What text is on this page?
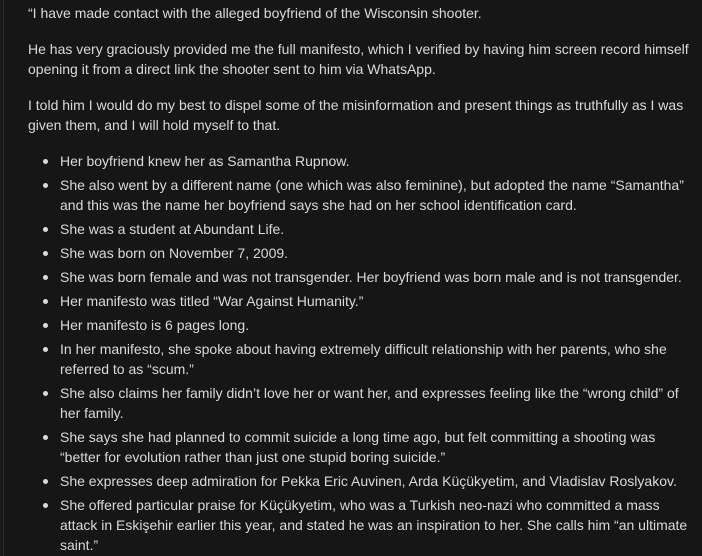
“I have made contact with the alleged boyfriend of the Wisconsin shooter.

He has very graciously provided me the full manifesto, which I verified by having him screen record himself opening it from a direct link the shooter sent to him via WhatsApp.

I told him I would do my best to dispel some of the misinformation and present things as truthfully as I was given them, and I will hold myself to that.

Her boyfriend knew her as Samantha Rupnow.
She also went by a different name (one which was also feminine), but adopted the name “Samantha” and this was the name her boyfriend says she had on her school identification card.
She was a student at Abundant Life.
She was born on November 7, 2009.
She was born female and was not transgender. Her boyfriend was born male and is not transgender.
Her manifesto was titled “War Against Humanity.”
Her manifesto is 6 pages long.
In her manifesto, she spoke about having extremely difficult relationship with her parents, who she referred to as “scum.”
She also claims her family didn’t love her or want her, and expresses feeling like the “wrong child” of her family.
She says she had planned to commit suicide a long time ago, but felt committing a shooting was “better for evolution rather than just one stupid boring suicide.”
She expresses deep admiration for Pekka Eric Auvinen, Arda Küçükyetim, and Vladislav Roslyakov.
She offered particular praise for Küçükyetim, who was a Turkish neo-nazi who committed a mass attack in Eskişehir earlier this year, and stated he was an inspiration to her. She calls him “an ultimate saint.”
